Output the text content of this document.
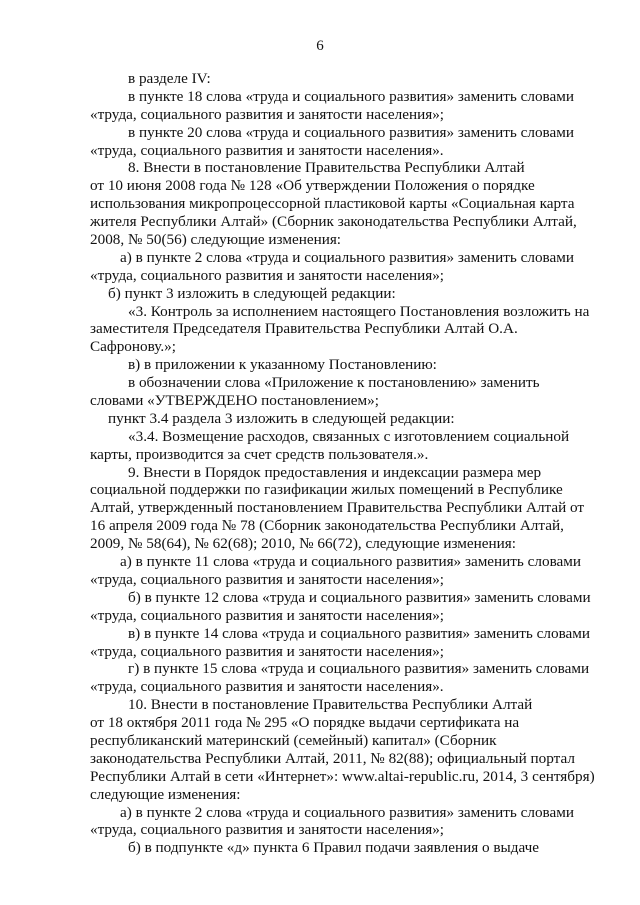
6
в разделе IV:
в пункте 18 слова «труда и социального развития» заменить словами
«труда, социального развития и занятости населения»;
в пункте 20 слова «труда и социального развития» заменить словами
«труда, социального развития и занятости населения».
8. Внести в постановление Правительства Республики Алтай
от 10 июня 2008 года № 128 «Об утверждении Положения о порядке
использования микропроцессорной пластиковой карты «Социальная карта
жителя Республики Алтай» (Сборник законодательства Республики Алтай,
2008, № 50(56) следующие изменения:
а) в пункте 2 слова «труда и социального развития» заменить словами
«труда, социального развития и занятости населения»;
б) пункт 3 изложить в следующей редакции:
«3. Контроль за исполнением настоящего Постановления возложить на
заместителя Председателя Правительства Республики Алтай О.А.
Сафронову.»;
в) в приложении к указанному Постановлению:
в обозначении слова «Приложение к постановлению» заменить
словами «УТВЕРЖДЕНО постановлением»;
пункт 3.4 раздела 3 изложить в следующей редакции:
«3.4. Возмещение расходов, связанных с изготовлением социальной
карты, производится за счет средств пользователя.».
9. Внести в Порядок предоставления и индексации размера мер
социальной поддержки по газификации жилых помещений в Республике
Алтай, утвержденный постановлением Правительства Республики Алтай от
16 апреля 2009 года № 78 (Сборник законодательства Республики Алтай,
2009, № 58(64), № 62(68); 2010, № 66(72), следующие изменения:
а) в пункте 11 слова «труда и социального развития» заменить словами
«труда, социального развития и занятости населения»;
б) в пункте 12 слова «труда и социального развития» заменить словами
«труда, социального развития и занятости населения»;
в) в пункте 14 слова «труда и социального развития» заменить словами
«труда, социального развития и занятости населения»;
г) в пункте 15 слова «труда и социального развития» заменить словами
«труда, социального развития и занятости населения».
10. Внести в постановление Правительства Республики Алтай
от 18 октября 2011 года № 295 «О порядке выдачи сертификата на
республиканский материнский (семейный) капитал» (Сборник
законодательства Республики Алтай, 2011, № 82(88); официальный портал
Республики Алтай в сети «Интернет»: www.altai-republic.ru, 2014, 3 сентября)
следующие изменения:
а) в пункте 2 слова «труда и социального развития» заменить словами
«труда, социального развития и занятости населения»;
б) в подпункте «д» пункта 6 Правил подачи заявления о выдаче
